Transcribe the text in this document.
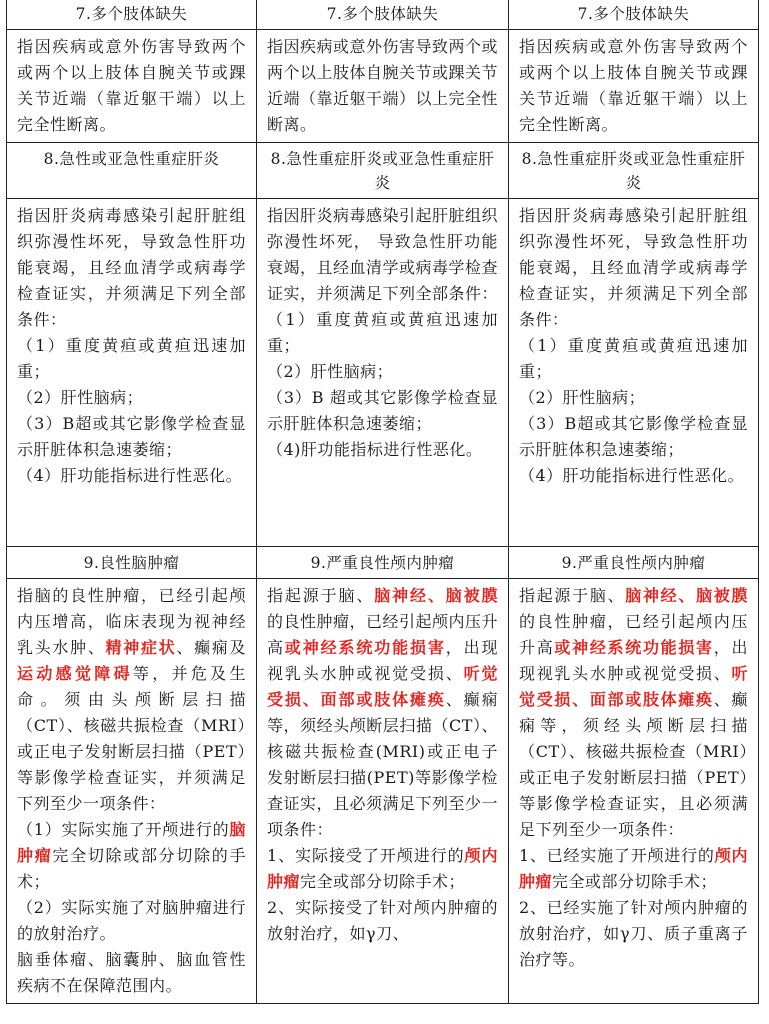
7.多个肢体缺失	7.多个肢体缺失	7.多个肢体缺失
指因疾病或意外伤害导致两个或两个以上肢体自腕关节或踝关节近端（靠近躯干端）以上完全性断离。	指因疾病或意外伤害导致两个或两个以上肢体自腕关节或踝关节近端（靠近躯干端）以上完全性断离。	指因疾病或意外伤害导致两个或两个以上肢体自腕关节或踝关节近端（靠近躯干端）以上完全性断离。
8.急性或亚急性重症肝炎	8.急性重症肝炎或亚急性重症肝炎	8.急性重症肝炎或亚急性重症肝炎

指因肝炎病毒感染引起肝脏组织弥漫性坏死，导致急性肝功能衰竭，且经血清学或病毒学检查证实，并须满足下列全部条件：
（1）重度黄疸或黄疸迅速加重；
（2）肝性脑病；
（3）B超或其它影像学检查显示肝脏体积急速萎缩；
（4）肝功能指标进行性恶化。	指因肝炎病毒感染引起肝脏组织弥漫性坏死， 导致急性肝功能衰竭，且经血清学或病毒学检查证实，并须满足下列全部条件：
（1）重度黄疸或黄疸迅速加重；
（2）肝性脑病；
（3）B 超或其它影像学检查显示肝脏体积急速萎缩；
（4)肝功能指标进行性恶化。	指因肝炎病毒感染引起肝脏组织弥漫性坏死，导致急性肝功能衰竭，且经血清学或病毒学检查证实，并须满足下列全部条件：
（1）重度黄疸或黄疸迅速加重；
（2）肝性脑病；
（3）B超或其它影像学检查显示肝脏体积急速萎缩；
（4）肝功能指标进行性恶化。

9.良性脑肿瘤	9.严重良性颅内肿瘤	9.严重良性颅内肿瘤

指脑的良性肿瘤，已经引起颅内压增高，临床表现为视神经乳头水肿、精神症状、癫痫及运动感觉障碍等，并危及生命。须由头颅断层扫描（CT）、核磁共振检查（MRI）或正电子发射断层扫描（PET）等影像学检查证实，并须满足下列至少一项条件：
（1）实际实施了开颅进行的脑肿瘤完全切除或部分切除的手术；
（2）实际实施了对脑肿瘤进行的放射治疗。
脑垂体瘤、脑囊肿、脑血管性疾病不在保障范围内。	指起源于脑、脑神经、脑被膜的良性肿瘤，已经引起颅内压升高或神经系统功能损害，出现视乳头水肿或视觉受损、听觉受损、面部或肢体瘫痪、癫痫等，须经头颅断层扫描（CT）、核磁共振检查(MRI)或正电子发射断层扫描(PET)等影像学检查证实，且必须满足下列至少一项条件：
1、实际接受了开颅进行的颅内肿瘤完全或部分切除手术；
2、实际接受了针对颅内肿瘤的放射治疗，如γ刀、	指起源于脑、脑神经、脑被膜的良性肿瘤，已经引起颅内压升高或神经系统功能损害，出现视乳头水肿或视觉受损、听觉受损、面部或肢体瘫痪、癫痫等，须经头颅断层扫描（CT）、核磁共振检查（MRI）或正电子发射断层扫描（PET）等影像学检查证实，且必须满足下列至少一项条件：
1、已经实施了开颅进行的颅内肿瘤完全或部分切除手术；
2、已经实施了针对颅内肿瘤的放射治疗，如γ刀、质子重离子治疗等。
